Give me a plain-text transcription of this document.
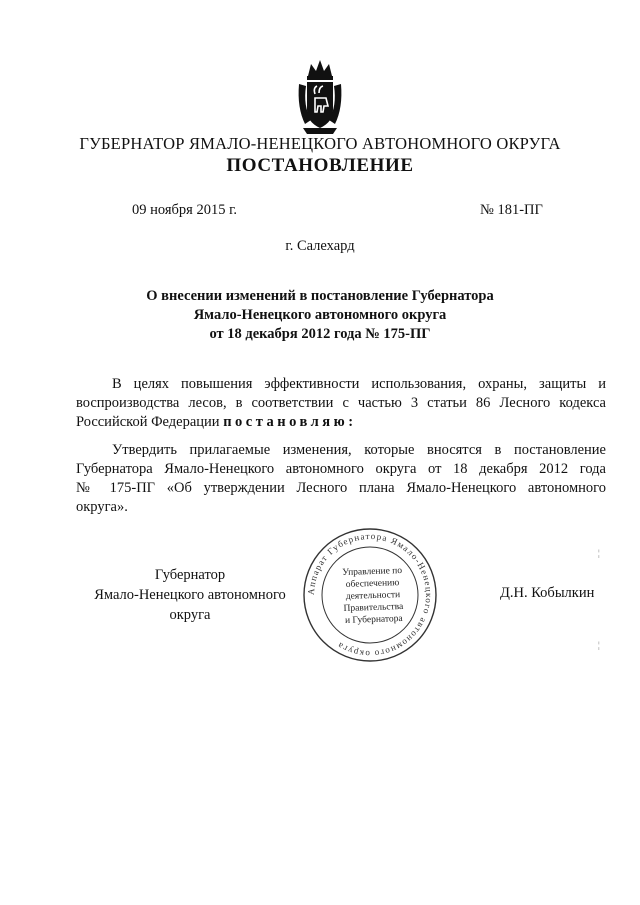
ГУБЕРНАТОР ЯМАЛО-НЕНЕЦКОГО АВТОНОМНОГО ОКРУГА
ПОСТАНОВЛЕНИЕ
09 ноября 2015 г.	№ 181-ПГ
г. Салехард
О внесении изменений в постановление Губернатора
Ямало-Ненецкого автономного округа
от 18 декабря 2012 года № 175-ПГ
В целях повышения эффективности использования, охраны, защиты и
воспроизводства лесов, в соответствии с частью 3 статьи 86 Лесного кодекса
Российской Федерации постановляю:
Утвердить прилагаемые изменения, которые вносятся в постановление
Губернатора Ямало-Ненецкого автономного округа от 18 декабря 2012 года
№ 175-ПГ «Об утверждении Лесного плана Ямало-Ненецкого автономного
округа».
Аппарат Губернатора Ямало-Ненецкого автономного округа
Управление по
обеспечению
деятельности
Правительства
и Губернатора
Губернатор
Ямало-Ненецкого автономного округа
Д.Н. Кобылкин
¦
¦
